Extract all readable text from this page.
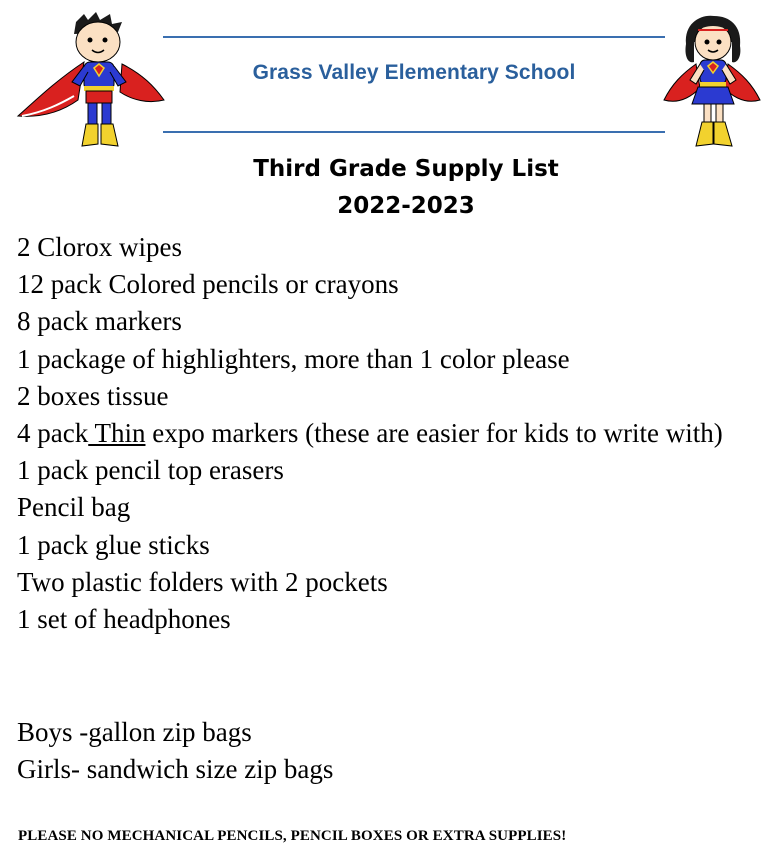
Grass Valley Elementary School
Third Grade Supply List
2022-2023
2 Clorox wipes
12 pack Colored pencils or crayons
8 pack markers
1 package of highlighters, more than 1 color please
2 boxes tissue
4 pack Thin expo markers (these are easier for kids to write with)
1 pack pencil top erasers
Pencil bag
1 pack glue sticks
Two plastic folders with 2 pockets
1 set of headphones
Boys -gallon zip bags
Girls- sandwich size zip bags
PLEASE NO MECHANICAL PENCILS, PENCIL BOXES OR EXTRA SUPPLIES!
